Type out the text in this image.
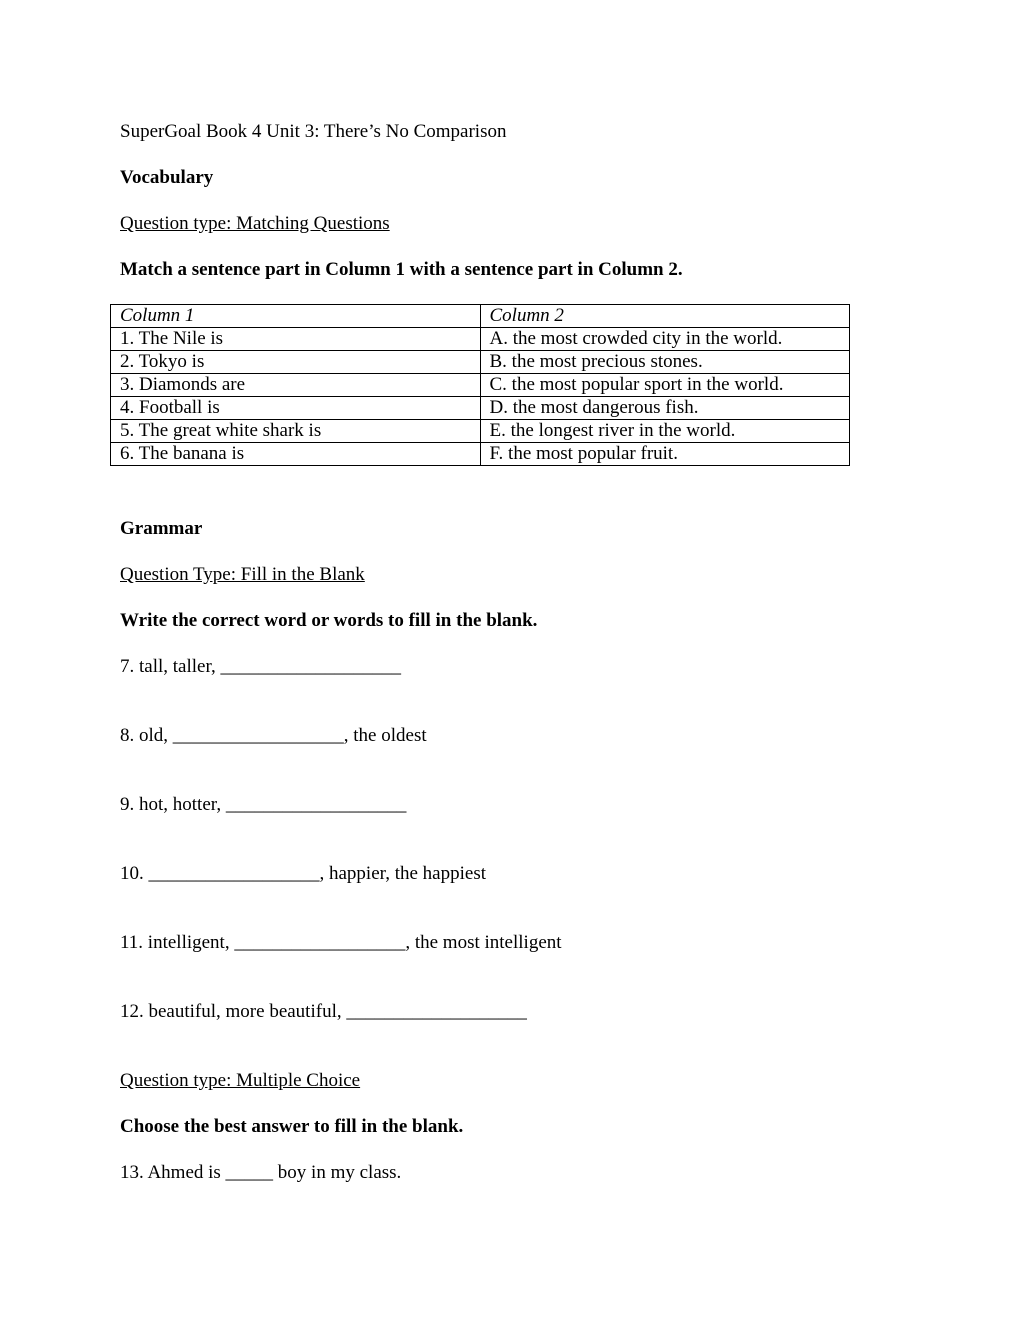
SuperGoal Book 4 Unit 3: There’s No Comparison
Vocabulary
Question type: Matching Questions
Match a sentence part in Column 1 with a sentence part in Column 2.
Column 1	Column 2
1. The Nile is	A. the most crowded city in the world.
2. Tokyo is	B. the most precious stones.
3. Diamonds are	C. the most popular sport in the world.
4. Football is	D. the most dangerous fish.
5. The great white shark is	E. the longest river in the world.
6. The banana is	F. the most popular fruit.
Grammar
Question Type: Fill in the Blank
Write the correct word or words to fill in the blank.
7. tall, taller, ___________________
8. old, __________________, the oldest
9. hot, hotter, ___________________
10. __________________, happier, the happiest
11. intelligent, __________________, the most intelligent
12. beautiful, more beautiful, ___________________
Question type: Multiple Choice
Choose the best answer to fill in the blank.
13. Ahmed is _____ boy in my class.
